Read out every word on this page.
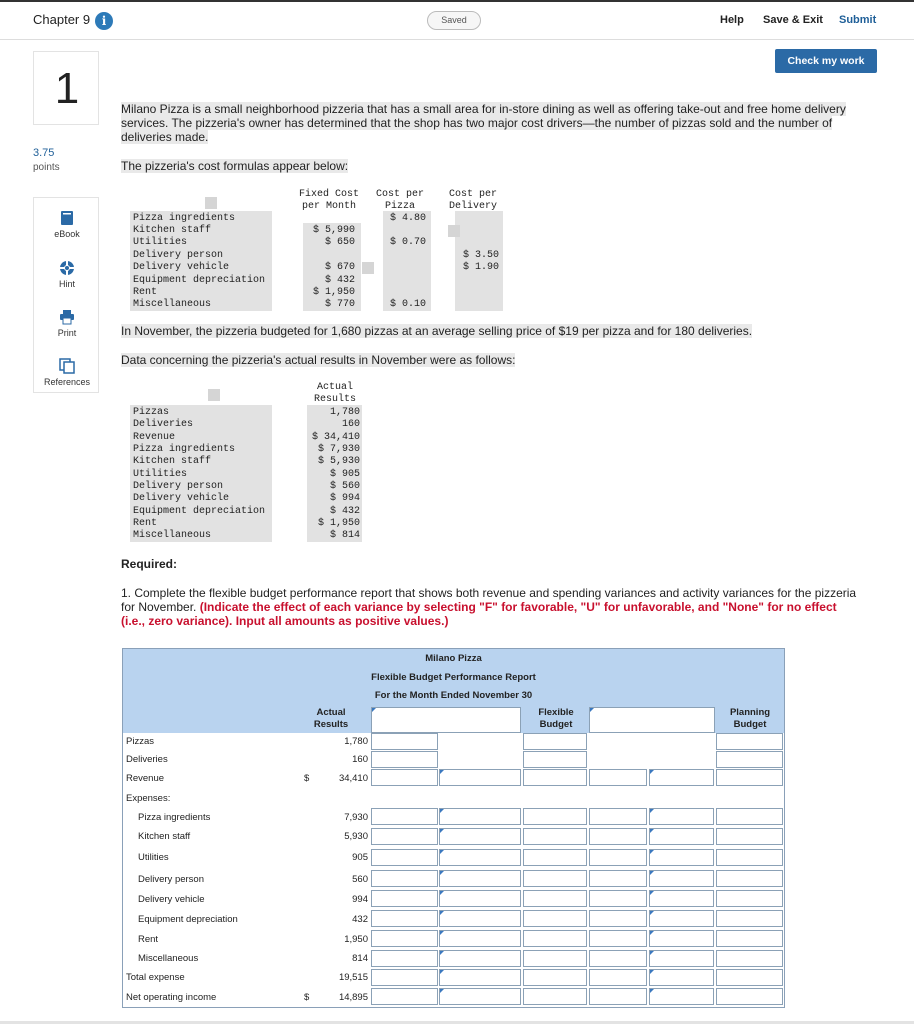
Chapter 9 i	Saved	Help Save & Exit Submit
Check my work
1
3.75
points
eBook
Hint
Print
References
Milano Pizza is a small neighborhood pizzeria that has a small area for in-store dining as well as offering take-out and free home delivery services. The pizzeria's owner has determined that the shop has two major cost drivers—the number of pizzas sold and the number of deliveries made.
The pizzeria's cost formulas appear below:
Fixed Cost
per Month
Cost per
Pizza
Cost per
Delivery
Pizza ingredients
Kitchen staff
Utilities
Delivery person
Delivery vehicle
Equipment depreciation
Rent
Miscellaneous
$ 5,990
$ 650
$ 670
$ 432
$ 1,950
$ 770
$ 4.80
$ 0.70
$ 0.10
$ 3.50
$ 1.90
In November, the pizzeria budgeted for 1,680 pizzas at an average selling price of $19 per pizza and for 180 deliveries.
Data concerning the pizzeria's actual results in November were as follows:
Actual
Results
Pizzas
Deliveries
Revenue
Pizza ingredients
Kitchen staff
Utilities
Delivery person
Delivery vehicle
Equipment depreciation
Rent
Miscellaneous
1,780
160
$ 34,410
$ 7,930
$ 5,930
$ 905
$ 560
$ 994
$ 432
$ 1,950
$ 814
Required:
1. Complete the flexible budget performance report that shows both revenue and spending variances and activity variances for the pizzeria for November. (Indicate the effect of each variance by selecting "F" for favorable, "U" for unfavorable, and "None" for no effect (i.e., zero variance). Input all amounts as positive values.)
Milano Pizza
Flexible Budget Performance Report
For the Month Ended November 30
Actual
Results
Flexible
Budget
Planning
Budget
Pizzas
Deliveries
Revenue
Expenses:
Pizza ingredients
Kitchen staff
Utilities
Delivery person
Delivery vehicle
Equipment depreciation
Rent
Miscellaneous
Total expense
Net operating income
$
$
1,780
160
34,410
7,930
5,930
905
560
994
432
1,950
814
19,515
14,895
